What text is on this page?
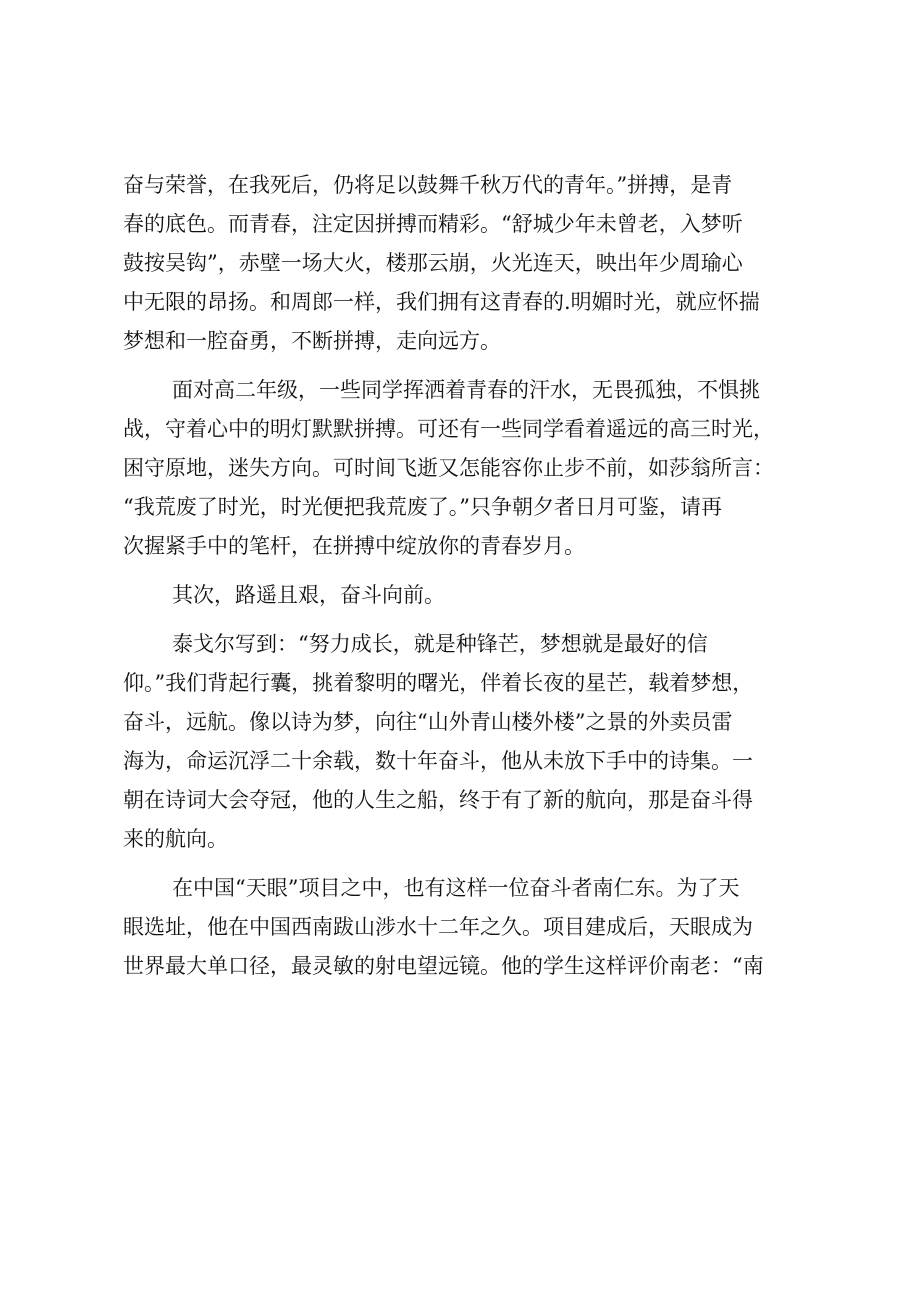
奋与荣誉，在我死后，仍将足以鼓舞千秋万代的青年。”拼搏，是青
春的底色。而青春，注定因拼搏而精彩。“舒城少年未曾老，入梦听
鼓按吴钩”，赤壁一场大火，楼那云崩，火光连天，映出年少周瑜心
中无限的昂扬。和周郎一样，我们拥有这青春的.明媚时光，就应怀揣
梦想和一腔奋勇，不断拼搏，走向远方。
面对高二年级，一些同学挥洒着青春的汗水，无畏孤独，不惧挑
战，守着心中的明灯默默拼搏。可还有一些同学看着遥远的高三时光，
困守原地，迷失方向。可时间飞逝又怎能容你止步不前，如莎翁所言：
“我荒废了时光，时光便把我荒废了。”只争朝夕者日月可鉴，请再
次握紧手中的笔杆，在拼搏中绽放你的青春岁月。
其次，路遥且艰，奋斗向前。
泰戈尔写到：“努力成长，就是种锋芒，梦想就是最好的信
仰。”我们背起行囊，挑着黎明的曙光，伴着长夜的星芒，载着梦想，
奋斗，远航。像以诗为梦，向往“山外青山楼外楼”之景的外卖员雷
海为，命运沉浮二十余载，数十年奋斗，他从未放下手中的诗集。一
朝在诗词大会夺冠，他的人生之船，终于有了新的航向，那是奋斗得
来的航向。
在中国“天眼”项目之中，也有这样一位奋斗者南仁东。为了天
眼选址，他在中国西南跋山涉水十二年之久。项目建成后，天眼成为
世界最大单口径，最灵敏的射电望远镜。他的学生这样评价南老：“南
